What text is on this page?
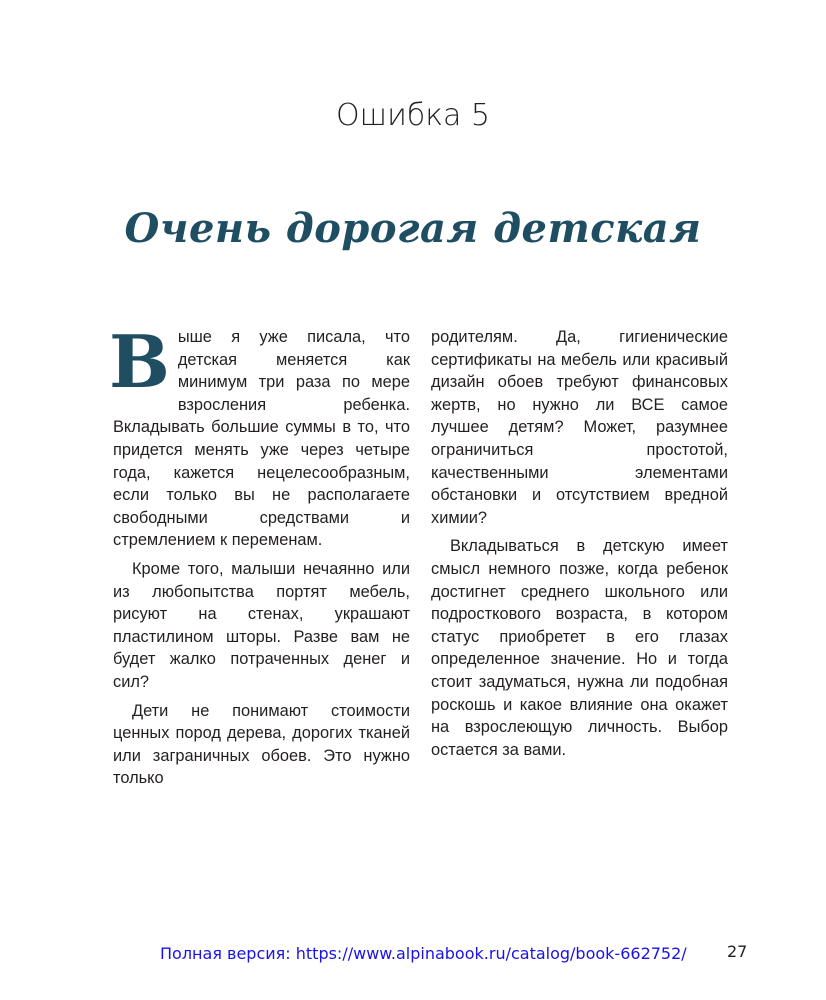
Ошибка 5
Очень дорогая детская

Выше я уже писала, что детская меняется как минимум три раза по мере взросления ребенка. Вкладывать большие суммы в то, что придется менять уже через четыре года, кажется нецелесообразным, если только вы не располагаете свободными средствами и стремлением к переменам.

Кроме того, малыши нечаянно или из любопытства портят мебель, рисуют на стенах, украшают пластилином шторы. Разве вам не будет жалко потраченных денег и сил?

Дети не понимают стоимости ценных пород дерева, дорогих тканей или заграничных обоев. Это нужно только

родителям. Да, гигиенические сертификаты на мебель или красивый дизайн обоев требуют финансовых жертв, но нужно ли ВСЕ самое лучшее детям? Может, разумнее ограничиться простотой, качественными элементами обстановки и отсутствием вредной химии?

Вкладываться в детскую имеет смысл немного позже, когда ребенок достигнет среднего школьного или подросткового возраста, в котором статус приобретет в его глазах определенное значение. Но и тогда стоит задуматься, нужна ли подобная роскошь и какое влияние она окажет на взрослеющую личность. Выбор остается за вами.

Полная версия: https://www.alpinabook.ru/catalog/book-662752/	27
